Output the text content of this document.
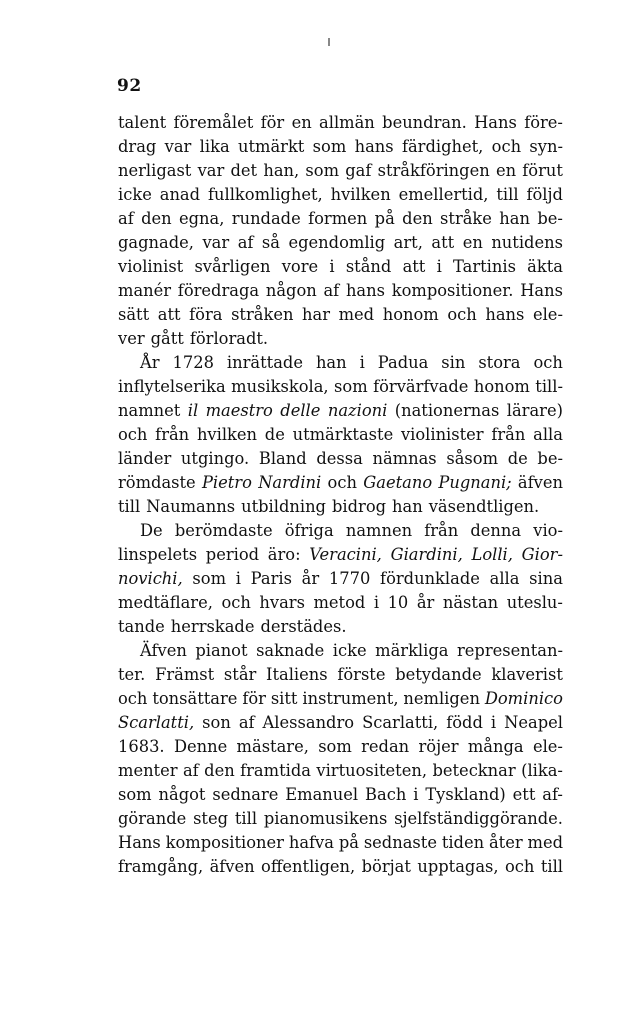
92
talent föremålet för en allmän beundran. Hans före-
drag var lika utmärkt som hans färdighet, och syn-
nerligast var det han, som gaf stråkföringen en förut
icke anad fullkomlighet, hvilken emellertid, till följd
af den egna, rundade formen på den stråke han be-
gagnade, var af så egendomlig art, att en nutidens
violinist svårligen vore i stånd att i Tartinis äkta
manér föredraga någon af hans kompositioner. Hans
sätt att föra stråken har med honom och hans ele-
ver gått förloradt.
År 1728 inrättade han i Padua sin stora och
inflytelserika musikskola, som förvärfvade honom till-
namnet il maestro delle nazioni (nationernas lärare)
och från hvilken de utmärktaste violinister från alla
länder utgingo. Bland dessa nämnas såsom de be-
römdaste Pietro Nardini och Gaetano Pugnani; äfven
till Naumanns utbildning bidrog han väsendtligen.
De berömdaste öfriga namnen från denna vio-
linspelets period äro: Veracini, Giardini, Lolli, Gior-
novichi, som i Paris år 1770 fördunklade alla sina
medtäflare, och hvars metod i 10 år nästan uteslu-
tande herrskade derstädes.
Äfven pianot saknade icke märkliga representan-
ter. Främst står Italiens förste betydande klaverist
och tonsättare för sitt instrument, nemligen Dominico
Scarlatti, son af Alessandro Scarlatti, född i Neapel
1683. Denne mästare, som redan röjer många ele-
menter af den framtida virtuositeten, betecknar (lika-
som något sednare Emanuel Bach i Tyskland) ett af-
görande steg till pianomusikens sjelfständiggörande.
Hans kompositioner hafva på sednaste tiden åter med
framgång, äfven offentligen, börjat upptagas, och till
